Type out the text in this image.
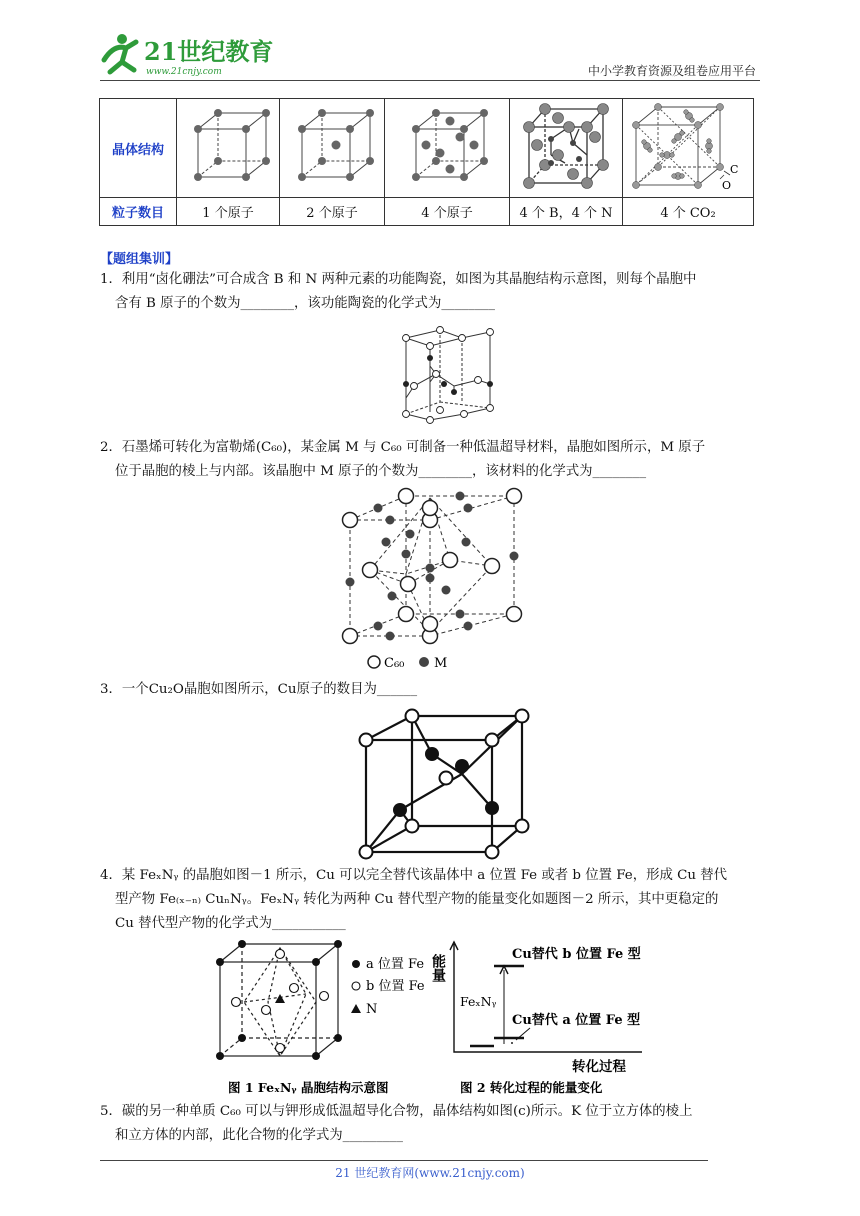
21世纪教育
www.21cnjy.com	中小学教育资源及组卷应用平台
晶体结构					C
O

粒子数目	1 个原子	2 个原子	4 个原子	4 个 B，4 个 N	4 个 CO₂
【题组集训】
1．利用“卤化硼法”可合成含 B 和 N 两种元素的功能陶瓷，如图为其晶胞结构示意图，则每个晶胞中
含有 B 原子的个数为________，该功能陶瓷的化学式为________
2．石墨烯可转化为富勒烯(C₆₀)，某金属 M 与 C₆₀ 可制备一种低温超导材料，晶胞如图所示，M 原子
位于晶胞的棱上与内部。该晶胞中 M 原子的个数为________，该材料的化学式为________
C₆₀ M
3．一个Cu₂O晶胞如图所示，Cu原子的数目为______
4．某 FeₓNᵧ 的晶胞如图－1 所示，Cu 可以完全替代该晶体中 a 位置 Fe 或者 b 位置 Fe，形成 Cu 替代
型产物 Fe₍ₓ₋ₙ₎ CuₙNᵧ。FeₓNᵧ 转化为两种 Cu 替代型产物的能量变化如题图－2 所示，其中更稳定的
Cu 替代型产物的化学式为___________
a 位置 Fe
b 位置 Fe
N
图 1 FeₓNᵧ 晶胞结构示意图
能量
转化过程
FeₓNᵧ
Cu替代 b 位置 Fe 型
Cu替代 a 位置 Fe 型
图 2 转化过程的能量变化
5．碳的另一种单质 C₆₀ 可以与钾形成低温超导化合物，晶体结构如图(c)所示。K 位于立方体的棱上
和立方体的内部，此化合物的化学式为_________
21 世纪教育网(www.21cnjy.com)
